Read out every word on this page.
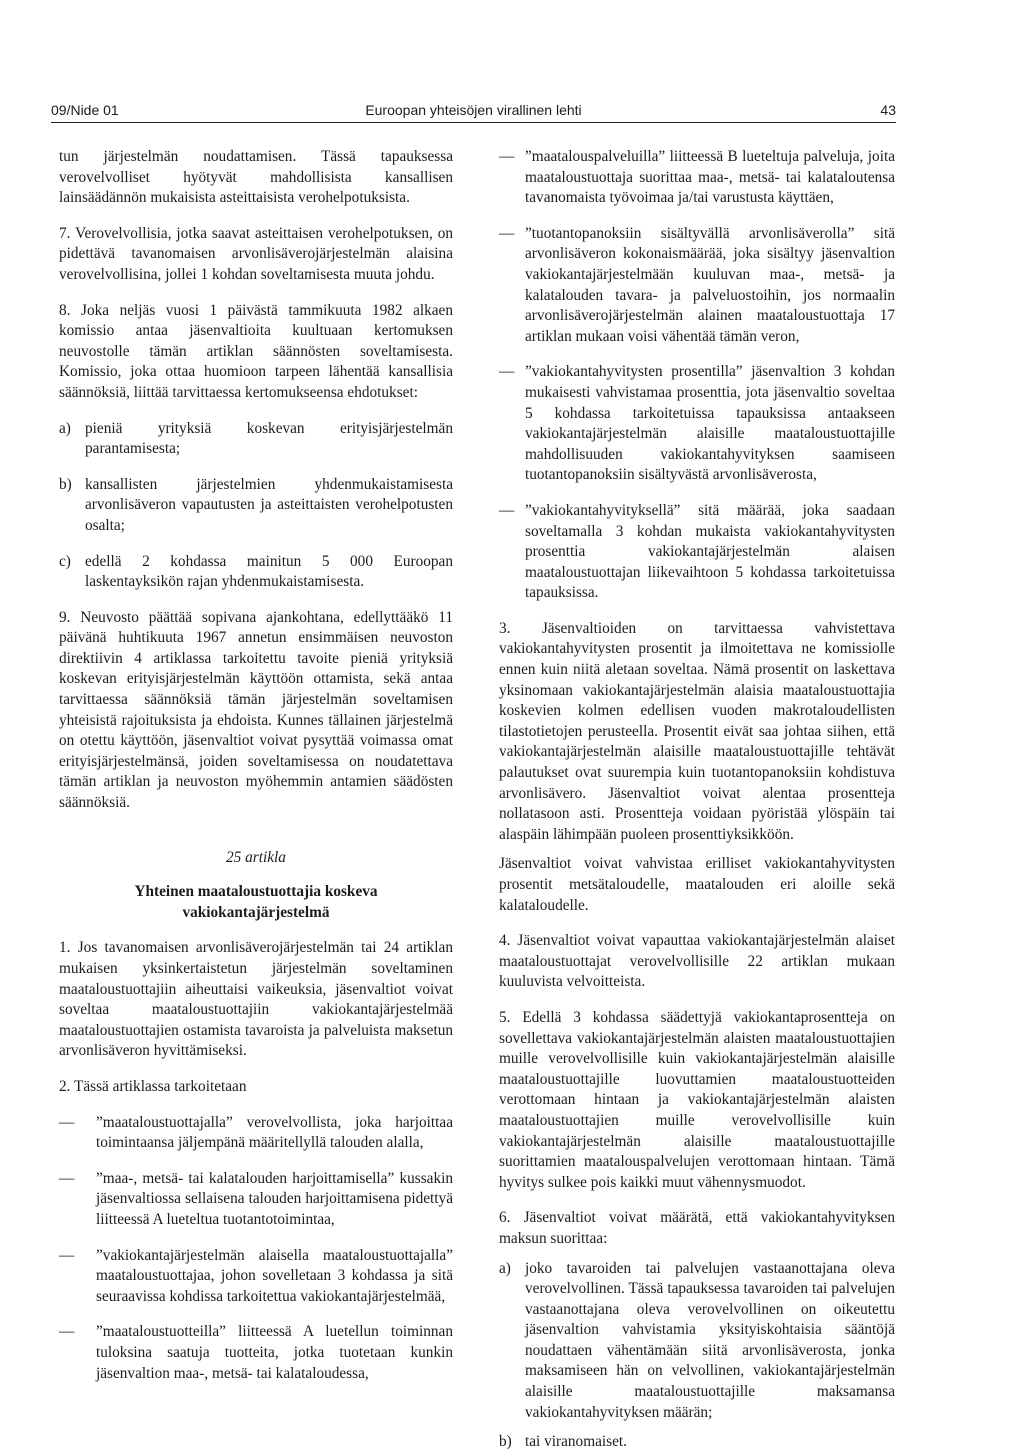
09/Nide 01	Euroopan yhteisöjen virallinen lehti	43

tun järjestelmän noudattamisen. Tässä tapauksessa verovelvolliset hyötyvät mahdollisista kansallisen lainsäädännön mukaisista asteittaisista verohelpotuksista.

7. Verovelvollisia, jotka saavat asteittaisen verohelpotuksen, on pidettävä tavanomaisen arvonlisäverojärjestelmän alaisina verovelvollisina, jollei 1 kohdan soveltamisesta muuta johdu.

8. Joka neljäs vuosi 1 päivästä tammikuuta 1982 alkaen komissio antaa jäsenvaltioita kuultuaan kertomuksen neuvostolle tämän artiklan säännösten soveltamisesta. Komissio, joka ottaa huomioon tarpeen lähentää kansallisia säännöksiä, liittää tarvittaessa kertomukseensa ehdotukset:

a) pieniä yrityksiä koskevan erityisjärjestelmän parantamisesta;
b) kansallisten järjestelmien yhdenmukaistamisesta arvonlisäveron vapautusten ja asteittaisten verohelpotusten osalta;
c) edellä 2 kohdassa mainitun 5 000 Euroopan laskentayksikön rajan yhdenmukaistamisesta.

9. Neuvosto päättää sopivana ajankohtana, edellyttääkö 11 päivänä huhtikuuta 1967 annetun ensimmäisen neuvoston direktiivin 4 artiklassa tarkoitettu tavoite pieniä yrityksiä koskevan erityisjärjestelmän käyttöön ottamista, sekä antaa tarvittaessa säännöksiä tämän järjestelmän soveltamisen yhteisistä rajoituksista ja ehdoista. Kunnes tällainen järjestelmä on otettu käyttöön, jäsenvaltiot voivat pysyttää voimassa omat erityisjärjestelmänsä, joiden soveltamisessa on noudatettava tämän artiklan ja neuvoston myöhemmin antamien säädösten säännöksiä.

25 artikla
Yhteinen maataloustuottajia koskeva
vakiokantajärjestelmä

1. Jos tavanomaisen arvonlisäverojärjestelmän tai 24 artiklan mukaisen yksinkertaistetun järjestelmän soveltaminen maataloustuottajiin aiheuttaisi vaikeuksia, jäsenvaltiot voivat soveltaa maataloustuottajiin vakiokantajärjestelmää maataloustuottajien ostamista tavaroista ja palveluista maksetun arvonlisäveron hyvittämiseksi.

2. Tässä artiklassa tarkoitetaan

—	”maataloustuottajalla” verovelvollista, joka harjoittaa toimintaansa jäljempänä määritellyllä talouden alalla,
—	”maa-, metsä- tai kalatalouden harjoittamisella” kussakin jäsenvaltiossa sellaisena talouden harjoittamisena pidettyä liitteessä A lueteltua tuotantotoimintaa,
—	”vakiokantajärjestelmän alaisella maataloustuottajalla” maataloustuottajaa, johon sovelletaan 3 kohdassa ja sitä seuraavissa kohdissa tarkoitettua vakiokantajärjestelmää,
—	”maataloustuotteilla” liitteessä A luetellun toiminnan tuloksina saatuja tuotteita, jotka tuotetaan kunkin jäsenvaltion maa-, metsä- tai kalataloudessa,
— ”maatalouspalveluilla” liitteessä B lueteltuja palveluja, joita maataloustuottaja suorittaa maa-, metsä- tai kalataloutensa tavanomaista työvoimaa ja/tai varustusta käyttäen,
— ”tuotantopanoksiin sisältyvällä arvonlisäverolla” sitä arvonlisäveron kokonaismäärää, joka sisältyy jäsenvaltion vakiokantajärjestelmään kuuluvan maa-, metsä- ja kalatalouden tavara- ja palveluostoihin, jos normaalin arvonlisäverojärjestelmän alainen maataloustuottaja 17 artiklan mukaan voisi vähentää tämän veron,
— ”vakiokantahyvitysten prosentilla” jäsenvaltion 3 kohdan mukaisesti vahvistamaa prosenttia, jota jäsenvaltio soveltaa 5 kohdassa tarkoitetuissa tapauksissa antaakseen vakiokantajärjestelmän alaisille maataloustuottajille mahdollisuuden vakiokantahyvityksen saamiseen tuotantopanoksiin sisältyvästä arvonlisäverosta,
— ”vakiokantahyvityksellä” sitä määrää, joka saadaan soveltamalla 3 kohdan mukaista vakiokantahyvitysten prosenttia vakiokantajärjestelmän alaisen maataloustuottajan liikevaihtoon 5 kohdassa tarkoitetuissa tapauksissa.

3. Jäsenvaltioiden on tarvittaessa vahvistettava vakiokantahyvitysten prosentit ja ilmoitettava ne komissiolle ennen kuin niitä aletaan soveltaa. Nämä prosentit on laskettava yksinomaan vakiokantajärjestelmän alaisia maataloustuottajia koskevien kolmen edellisen vuoden makrotaloudellisten tilastotietojen perusteella. Prosentit eivät saa johtaa siihen, että vakiokantajärjestelmän alaisille maataloustuottajille tehtävät palautukset ovat suurempia kuin tuotantopanoksiin kohdistuva arvonlisävero. Jäsenvaltiot voivat alentaa prosentteja nollatasoon asti. Prosentteja voidaan pyöristää ylöspäin tai alaspäin lähimpään puoleen prosenttiyksikköön.

Jäsenvaltiot voivat vahvistaa erilliset vakiokantahyvitysten prosentit metsätaloudelle, maatalouden eri aloille sekä kalataloudelle.

4. Jäsenvaltiot voivat vapauttaa vakiokantajärjestelmän alaiset maataloustuottajat verovelvollisille 22 artiklan mukaan kuuluvista velvoitteista.

5. Edellä 3 kohdassa säädettyjä vakiokantaprosentteja on sovellettava vakiokantajärjestelmän alaisten maataloustuottajien muille verovelvollisille kuin vakiokantajärjestelmän alaisille maataloustuottajille luovuttamien maataloustuotteiden verottomaan hintaan ja vakiokantajärjestelmän alaisten maataloustuottajien muille verovelvollisille kuin vakiokantajärjestelmän alaisille maataloustuottajille suorittamien maatalouspalvelujen verottomaan hintaan. Tämä hyvitys sulkee pois kaikki muut vähennysmuodot.

6. Jäsenvaltiot voivat määrätä, että vakiokantahyvityksen maksun suorittaa:

a) joko tavaroiden tai palvelujen vastaanottajana oleva verovelvollinen. Tässä tapauksessa tavaroiden tai palvelujen vastaanottajana oleva verovelvollinen on oikeutettu jäsenvaltion vahvistamia yksityiskohtaisia sääntöjä noudattaen vähentämään siitä arvonlisäverosta, jonka maksamiseen hän on velvollinen, vakiokantajärjestelmän alaisille maataloustuottajille maksamansa vakiokantahyvityksen määrän;
b) tai viranomaiset.
